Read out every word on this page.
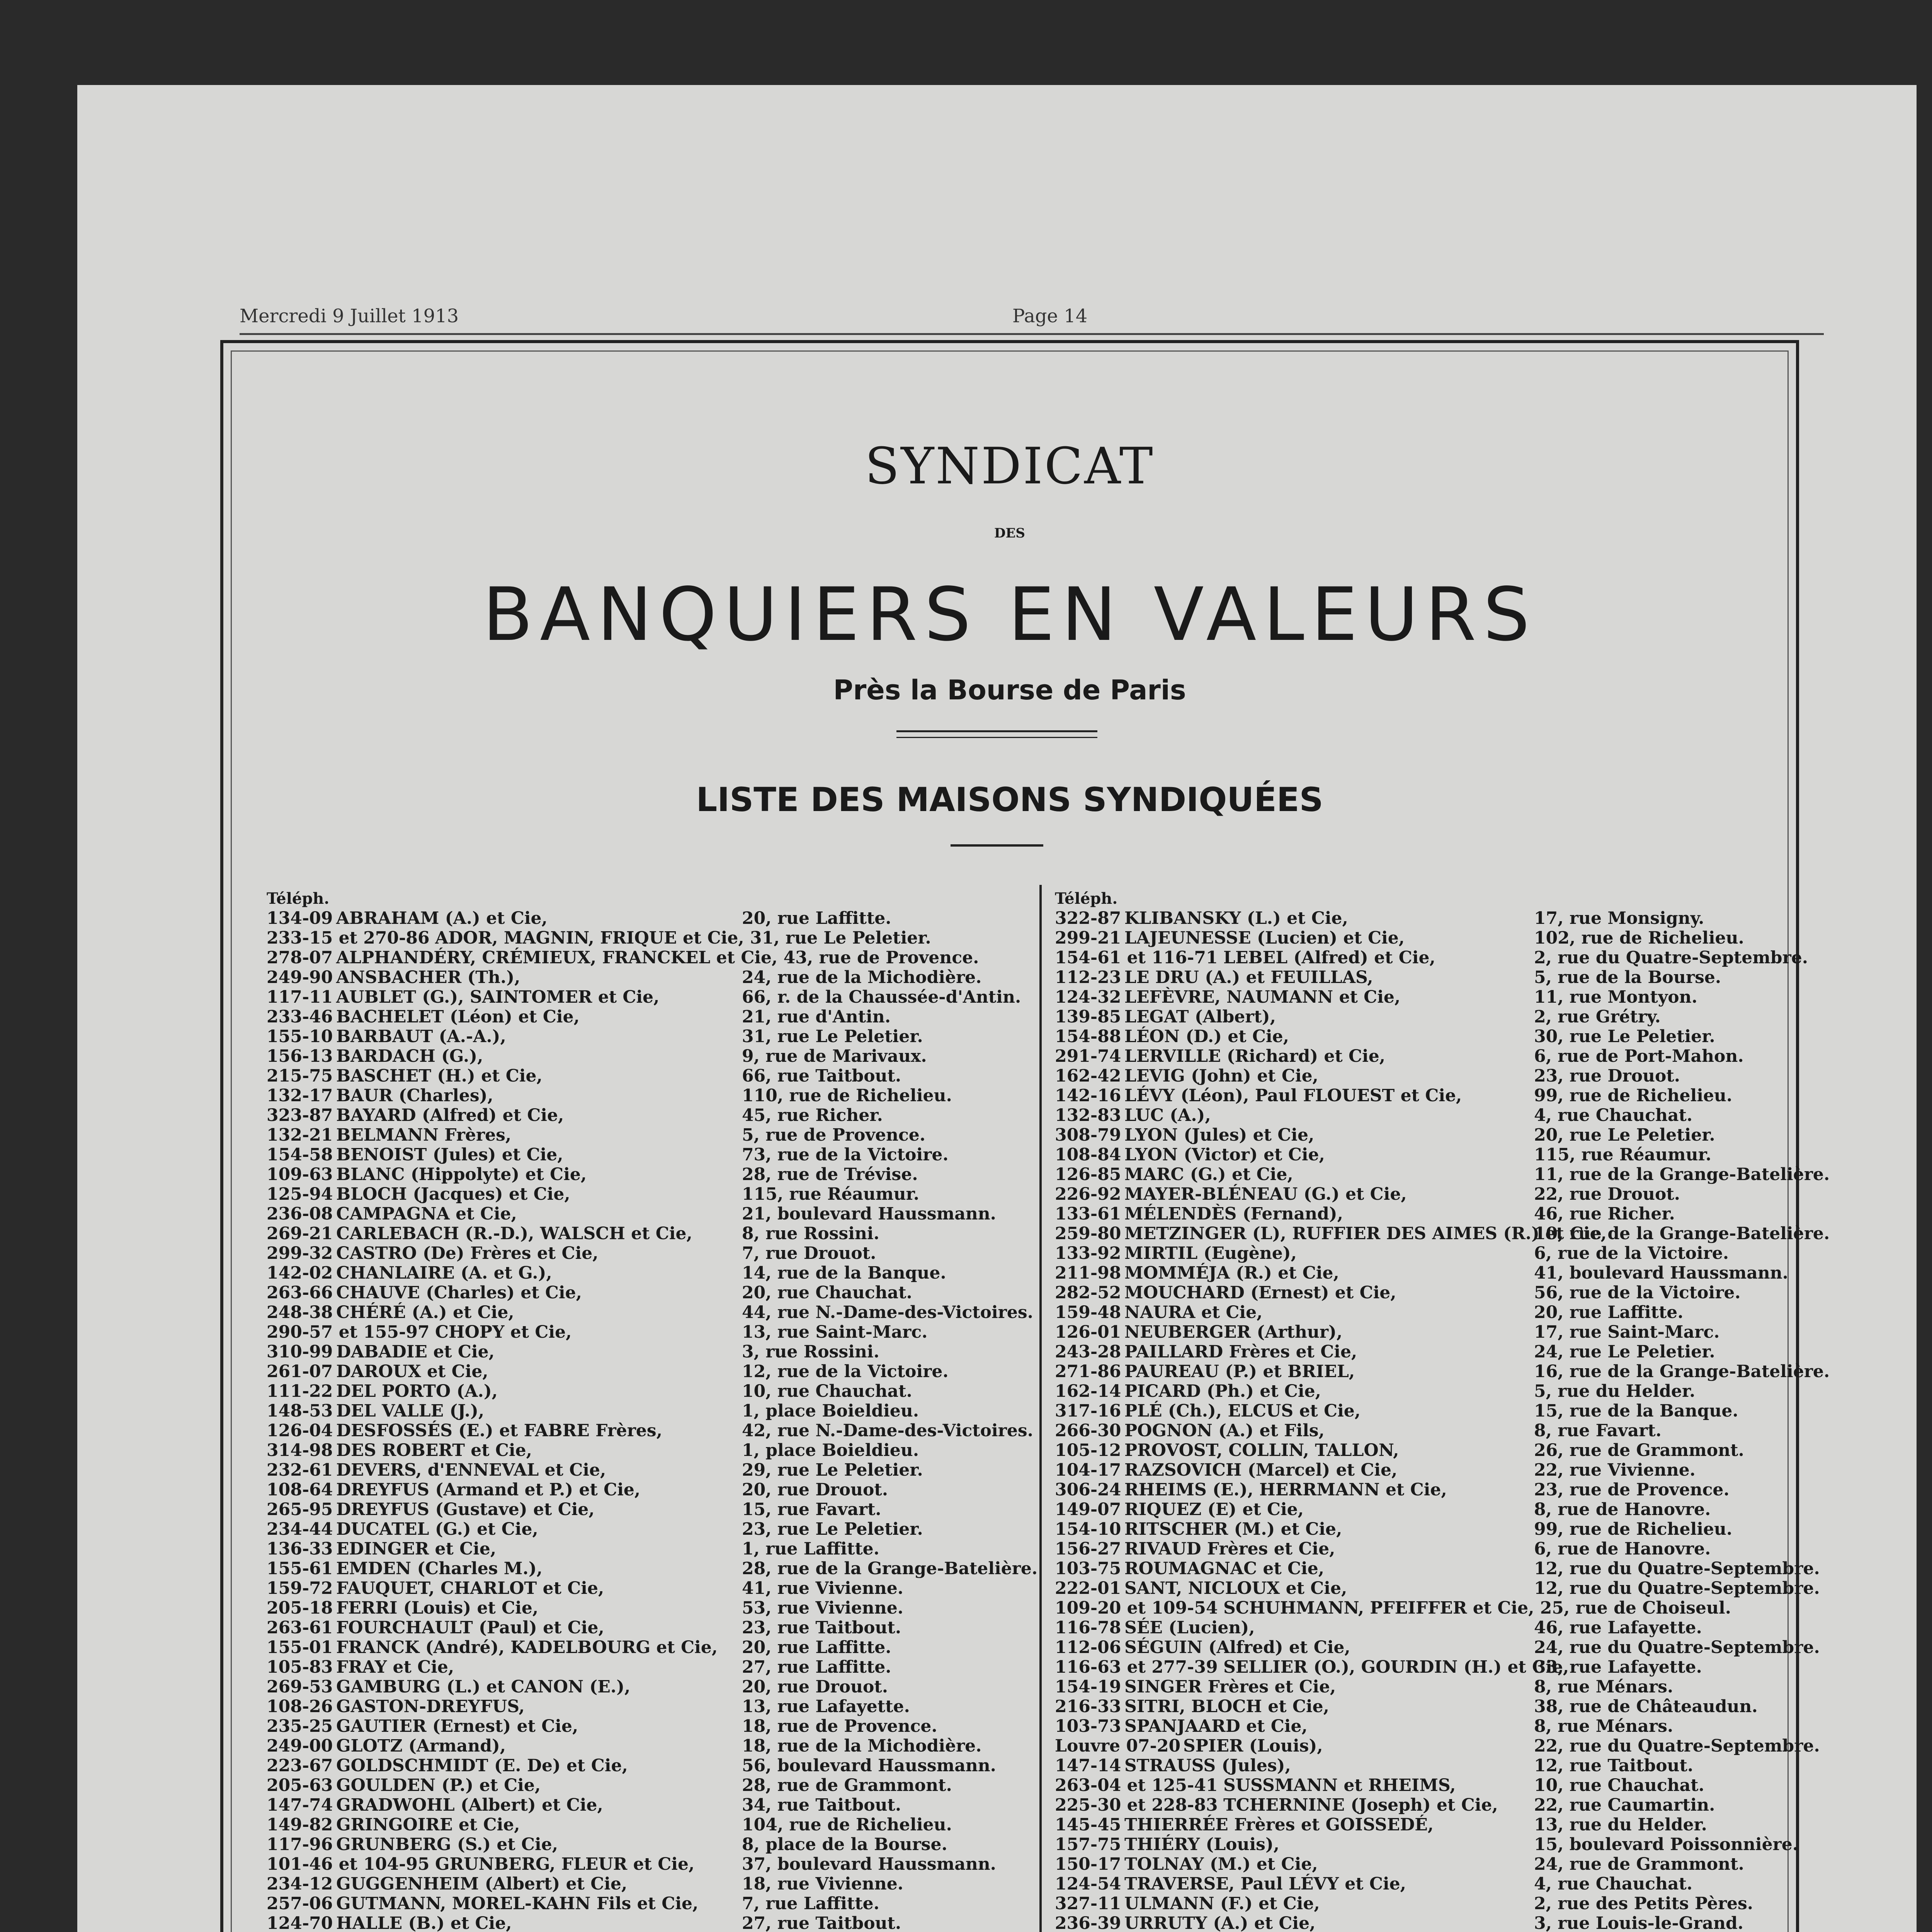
Mercredi 9 Juillet 1913	Page 14
SYNDICAT
DES
BANQUIERS EN VALEURS
Près la Bourse de Paris
LISTE DES MAISONS SYNDIQUÉES
Téléph.
134-09 ABRAHAM (A.) et Cie,	20, rue Laffitte.
233-15 et 270-86 ADOR, MAGNIN, FRIQUE et Cie, 31, rue Le Peletier.
278-07 ALPHANDÉRY, CRÉMIEUX, FRANCKEL et Cie, 43, rue de Provence.
249-90 ANSBACHER (Th.),	24, rue de la Michodière.
117-11 AUBLET (G.), SAINTOMER et Cie,	66, r. de la Chaussée-d'Antin.
233-46 BACHELET (Léon) et Cie,	21, rue d'Antin.
155-10 BARBAUT (A.-A.),	31, rue Le Peletier.
156-13 BARDACH (G.),	9, rue de Marivaux.
215-75 BASCHET (H.) et Cie,	66, rue Taitbout.
132-17 BAUR (Charles),	110, rue de Richelieu.
323-87 BAYARD (Alfred) et Cie,	45, rue Richer.
132-21 BELMANN Frères,	5, rue de Provence.
154-58 BENOIST (Jules) et Cie,	73, rue de la Victoire.
109-63 BLANC (Hippolyte) et Cie,	28, rue de Trévise.
125-94 BLOCH (Jacques) et Cie,	115, rue Réaumur.
236-08 CAMPAGNA et Cie,	21, boulevard Haussmann.
269-21 CARLEBACH (R.-D.), WALSCH et Cie,	8, rue Rossini.
299-32 CASTRO (De) Frères et Cie,	7, rue Drouot.
142-02 CHANLAIRE (A. et G.),	14, rue de la Banque.
263-66 CHAUVE (Charles) et Cie,	20, rue Chauchat.
248-38 CHÉRÉ (A.) et Cie,	44, rue N.-Dame-des-Victoires.
290-57 et 155-97 CHOPY et Cie,	13, rue Saint-Marc.
310-99 DABADIE et Cie,	3, rue Rossini.
261-07 DAROUX et Cie,	12, rue de la Victoire.
111-22 DEL PORTO (A.),	10, rue Chauchat.
148-53 DEL VALLE (J.),	1, place Boieldieu.
126-04 DESFOSSÉS (E.) et FABRE Frères,	42, rue N.-Dame-des-Victoires.
314-98 DES ROBERT et Cie,	1, place Boieldieu.
232-61 DEVERS, d'ENNEVAL et Cie,	29, rue Le Peletier.
108-64 DREYFUS (Armand et P.) et Cie,	20, rue Drouot.
265-95 DREYFUS (Gustave) et Cie,	15, rue Favart.
234-44 DUCATEL (G.) et Cie,	23, rue Le Peletier.
136-33 EDINGER et Cie,	1, rue Laffitte.
155-61 EMDEN (Charles M.),	28, rue de la Grange-Batelière.
159-72 FAUQUET, CHARLOT et Cie,	41, rue Vivienne.
205-18 FERRI (Louis) et Cie,	53, rue Vivienne.
263-61 FOURCHAULT (Paul) et Cie,	23, rue Taitbout.
155-01 FRANCK (André), KADELBOURG et Cie, 20, rue Laffitte.
105-83 FRAY et Cie,	27, rue Laffitte.
269-53 GAMBURG (L.) et CANON (E.),	20, rue Drouot.
108-26 GASTON-DREYFUS,	13, rue Lafayette.
235-25 GAUTIER (Ernest) et Cie,	18, rue de Provence.
249-00 GLOTZ (Armand),	18, rue de la Michodière.
223-67 GOLDSCHMIDT (E. De) et Cie,	56, boulevard Haussmann.
205-63 GOULDEN (P.) et Cie,	28, rue de Grammont.
147-74 GRADWOHL (Albert) et Cie,	34, rue Taitbout.
149-82 GRINGOIRE et Cie,	104, rue de Richelieu.
117-96 GRUNBERG (S.) et Cie,	8, place de la Bourse.
101-46 et 104-95 GRUNBERG, FLEUR et Cie,	37, boulevard Haussmann.
234-12 GUGGENHEIM (Albert) et Cie,	18, rue Vivienne.
257-06 GUTMANN, MOREL-KAHN Fils et Cie,	7, rue Laffitte.
124-70 HALLE (B.) et Cie,	27, rue Taitbout.
Téléph.
322-87 KLIBANSKY (L.) et Cie,	17, rue Monsigny.
299-21 LAJEUNESSE (Lucien) et Cie,	102, rue de Richelieu.
154-61 et 116-71 LEBEL (Alfred) et Cie,	2, rue du Quatre-Septembre.
112-23 LE DRU (A.) et FEUILLAS,	5, rue de la Bourse.
124-32 LEFÈVRE, NAUMANN et Cie,	11, rue Montyon.
139-85 LEGAT (Albert),	2, rue Grétry.
154-88 LÉON (D.) et Cie,	30, rue Le Peletier.
291-74 LERVILLE (Richard) et Cie,	6, rue de Port-Mahon.
162-42 LEVIG (John) et Cie,	23, rue Drouot.
142-16 LÉVY (Léon), Paul FLOUEST et Cie,	99, rue de Richelieu.
132-83 LUC (A.),	4, rue Chauchat.
308-79 LYON (Jules) et Cie,	20, rue Le Peletier.
108-84 LYON (Victor) et Cie,	115, rue Réaumur.
126-85 MARC (G.) et Cie,	11, rue de la Grange-Batelière.
226-92 MAYER-BLÉNEAU (G.) et Cie,	22, rue Drouot.
133-61 MÉLENDÈS (Fernand),	46, rue Richer.
259-80 METZINGER (L), RUFFIER DES AIMES (R.) et Cie,
10, rue de la Grange-Batelière.
133-92 MIRTIL (Eugène),	6, rue de la Victoire.
211-98 MOMMÉJA (R.) et Cie,	41, boulevard Haussmann.
282-52 MOUCHARD (Ernest) et Cie,	56, rue de la Victoire.
159-48 NAURA et Cie,	20, rue Laffitte.
126-01 NEUBERGER (Arthur),	17, rue Saint-Marc.
243-28 PAILLARD Frères et Cie,	24, rue Le Peletier.
271-86 PAUREAU (P.) et BRIEL,	16, rue de la Grange-Batelière.
162-14 PICARD (Ph.) et Cie,	5, rue du Helder.
317-16 PLÉ (Ch.), ELCUS et Cie,	15, rue de la Banque.
266-30 POGNON (A.) et Fils,	8, rue Favart.
105-12 PROVOST, COLLIN, TALLON,	26, rue de Grammont.
104-17 RAZSOVICH (Marcel) et Cie,	22, rue Vivienne.
306-24 RHEIMS (E.), HERRMANN et Cie,	23, rue de Provence.
149-07 RIQUEZ (E) et Cie,	8, rue de Hanovre.
154-10 RITSCHER (M.) et Cie,	99, rue de Richelieu.
156-27 RIVAUD Frères et Cie,	6, rue de Hanovre.
103-75 ROUMAGNAC et Cie,	12, rue du Quatre-Septembre.
222-01 SANT, NICLOUX et Cie,	12, rue du Quatre-Septembre.
109-20 et 109-54 SCHUHMANN, PFEIFFER et Cie, 25, rue de Choiseul.
116-78 SÉE (Lucien),	46, rue Lafayette.
112-06 SÉGUIN (Alfred) et Cie,	24, rue du Quatre-Septembre.
116-63 et 277-39 SELLIER (O.), GOURDIN (H.) et Cie,
33, rue Lafayette.
154-19 SINGER Frères et Cie,	8, rue Ménars.
216-33 SITRI, BLOCH et Cie,	38, rue de Châteaudun.
103-73 SPANJAARD et Cie,	8, rue Ménars.
Louvre 07-20 SPIER (Louis),	22, rue du Quatre-Septembre.
147-14 STRAUSS (Jules),	12, rue Taitbout.
263-04 et 125-41 SUSSMANN et RHEIMS,	10, rue Chauchat.
225-30 et 228-83 TCHERNINE (Joseph) et Cie, 22, rue Caumartin.
145-45 THIERRÉE Frères et GOISSEDÉ,	13, rue du Helder.
157-75 THIÉRY (Louis),	15, boulevard Poissonnière.
150-17 TOLNAY (M.) et Cie,	24, rue de Grammont.
124-54 TRAVERSE, Paul LÉVY et Cie,	4, rue Chauchat.
327-11 ULMANN (F.) et Cie,	2, rue des Petits Pères.
236-39 URRUTY (A.) et Cie,	3, rue Louis-le-Grand.
